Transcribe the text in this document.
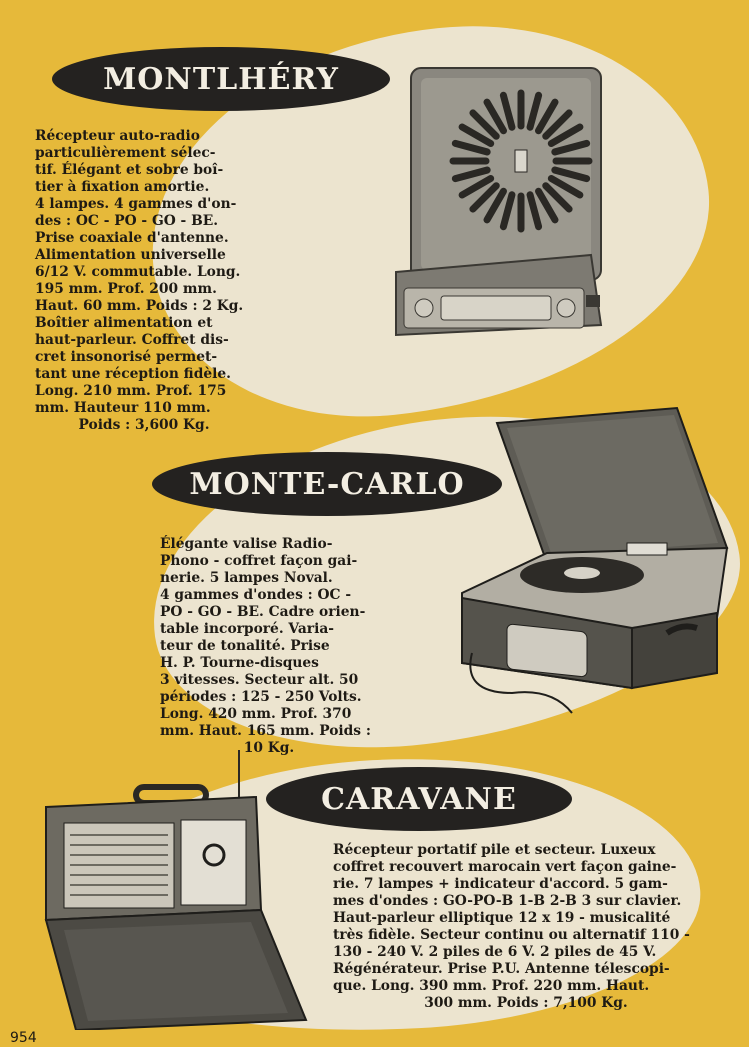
MONTLHÉRY
MONTE-CARLO
CARAVANE
Récepteur auto-radio
particulièrement sélec-
tif. Élégant et sobre boî-
tier à fixation amortie.
4 lampes. 4 gammes d'on-
des : OC - PO - GO - BE.
Prise coaxiale d'antenne.
Alimentation universelle
6/12 V. commutable. Long.
195 mm. Prof. 200 mm.
Haut. 60 mm. Poids : 2 Kg.
Boîtier alimentation et
haut-parleur. Coffret dis-
cret insonorisé permet-
tant une réception fidèle.
Long. 210 mm. Prof. 175
mm. Hauteur 110 mm.
Poids : 3,600 Kg.
Élégante valise Radio-
Phono - coffret façon gai-
nerie. 5 lampes Noval.
4 gammes d'ondes : OC -
PO - GO - BE. Cadre orien-
table incorporé. Varia-
teur de tonalité. Prise
H. P. Tourne-disques
3 vitesses. Secteur alt. 50
périodes : 125 - 250 Volts.
Long. 420 mm. Prof. 370
mm. Haut. 165 mm. Poids :
10 Kg.
Récepteur portatif pile et secteur. Luxeux
coffret recouvert marocain vert façon gaine-
rie. 7 lampes + indicateur d'accord. 5 gam-
mes d'ondes : GO-PO-B 1-B 2-B 3 sur clavier.
Haut-parleur elliptique 12 x 19 - musicalité
très fidèle. Secteur continu ou alternatif 110 -
130 - 240 V. 2 piles de 6 V. 2 piles de 45 V.
Régénérateur. Prise P.U. Antenne télescopi-
que. Long. 390 mm. Prof. 220 mm. Haut.
300 mm. Poids : 7,100 Kg.
954
